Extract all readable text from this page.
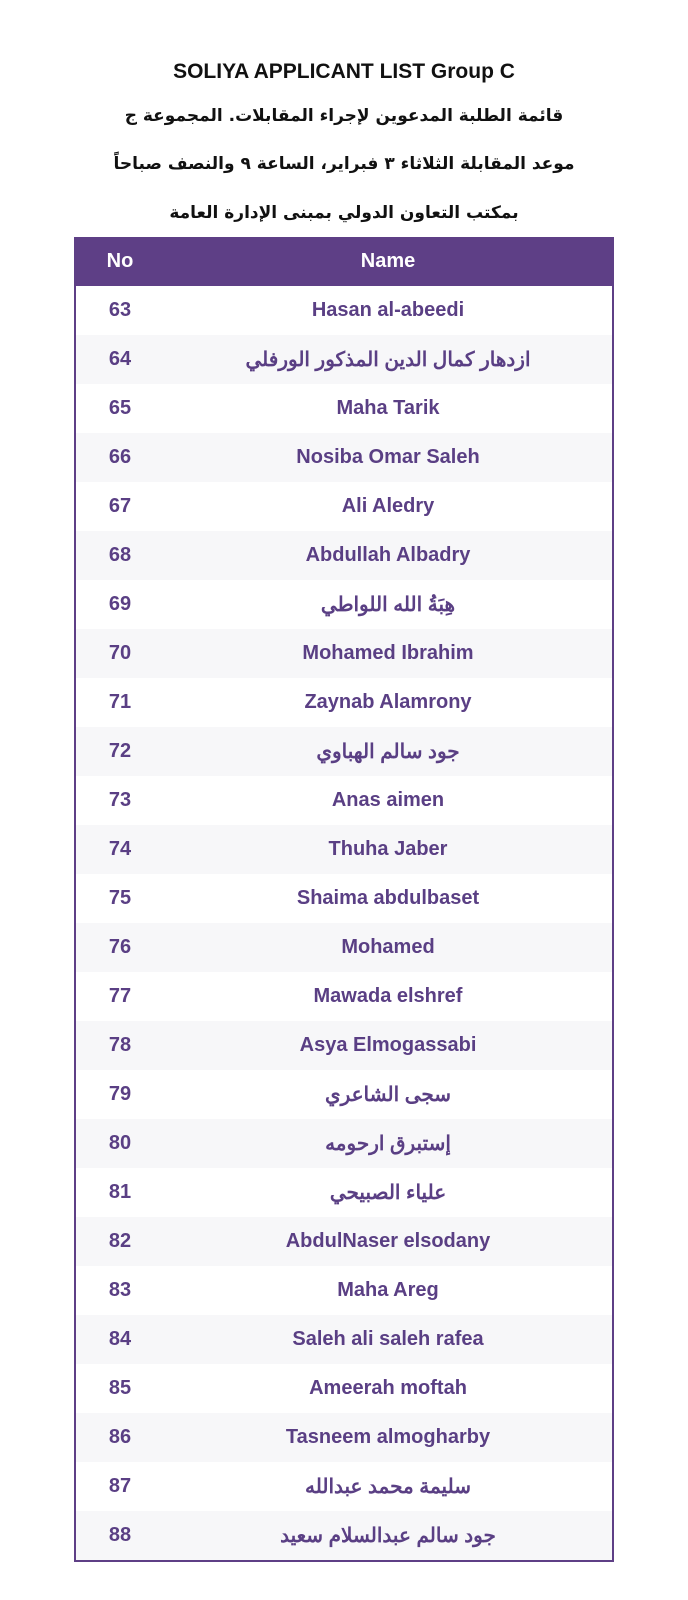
SOLIYA APPLICANT LIST Group C
قائمة الطلبة المدعوين لإجراء المقابلات. المجموعة ج
موعد المقابلة الثلاثاء ٣ فبراير، الساعة ٩ والنصف صباحاً
بمكتب التعاون الدولي بمبنى الإدارة العامة
No	Name
63	Hasan al-abeedi
64	ازدهار كمال الدين المذكور الورفلي
65	Maha Tarik
66	Nosiba Omar Saleh
67	Ali Aledry
68	Abdullah Albadry
69	هِبَةُ الله اللواطي
70	Mohamed Ibrahim
71	Zaynab Alamrony
72	جود سالم الهباوي
73	Anas aimen
74	Thuha Jaber
75	Shaima abdulbaset
76	Mohamed
77	Mawada elshref
78	Asya Elmogassabi
79	سجى الشاعري
80	إستبرق ارحومه
81	علياء الصبيحي
82	AbdulNaser elsodany
83	Maha Areg
84	Saleh ali saleh rafea
85	Ameerah moftah
86	Tasneem almogharby
87	سليمة محمد عبدالله
88	جود سالم عبدالسلام سعيد
